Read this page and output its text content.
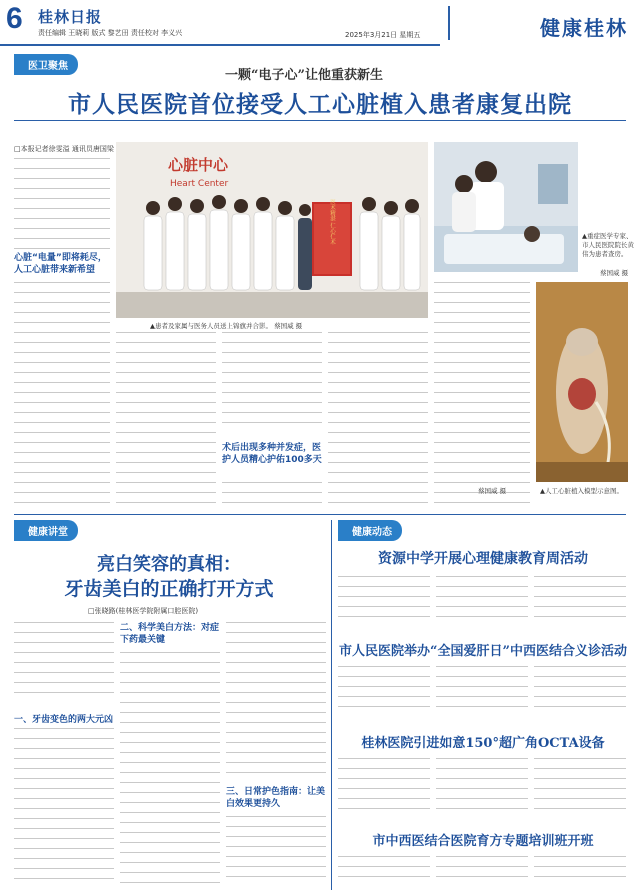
6 桂林日报
责任编辑 王晓莉 版式 黎艺田 责任校对 李义兴	2025年3月21日 星期五	健康桂林
医卫聚焦
一颗“电子心”让他重获新生
市人民医院首位接受人工心脏植入患者康复出院
□本报记者徐雯溢 通讯员唐国梁
心脏“电量”即将耗尽，人工心脏带来新希望
心脏中心
Heart Center
医术精湛 仁心仁术
▲患者及家属与医务人员送上锦旗并合影。 蔡国威 摄
▲重症医学专家、市人民医院院长黄伟为患者查房。
蔡国威 摄
术后出现多种并发症，医护人员精心护佑100多天
▲人工心脏植入模型示意图。
蔡国威 摄
健康讲堂
亮白笑容的真相：
牙齿美白的正确打开方式
□张晓路(桂林医学院附属口腔医院)
一、牙齿变色的两大元凶
二、科学美白方法：对症下药最关键
三、日常护色指南：让美白效果更持久
健康动态
资源中学开展心理健康教育周活动
市人民医院举办“全国爱肝日”中西医结合义诊活动
桂林医院引进如意150°超广角OCTA设备
市中西医结合医院育方专题培训班开班
